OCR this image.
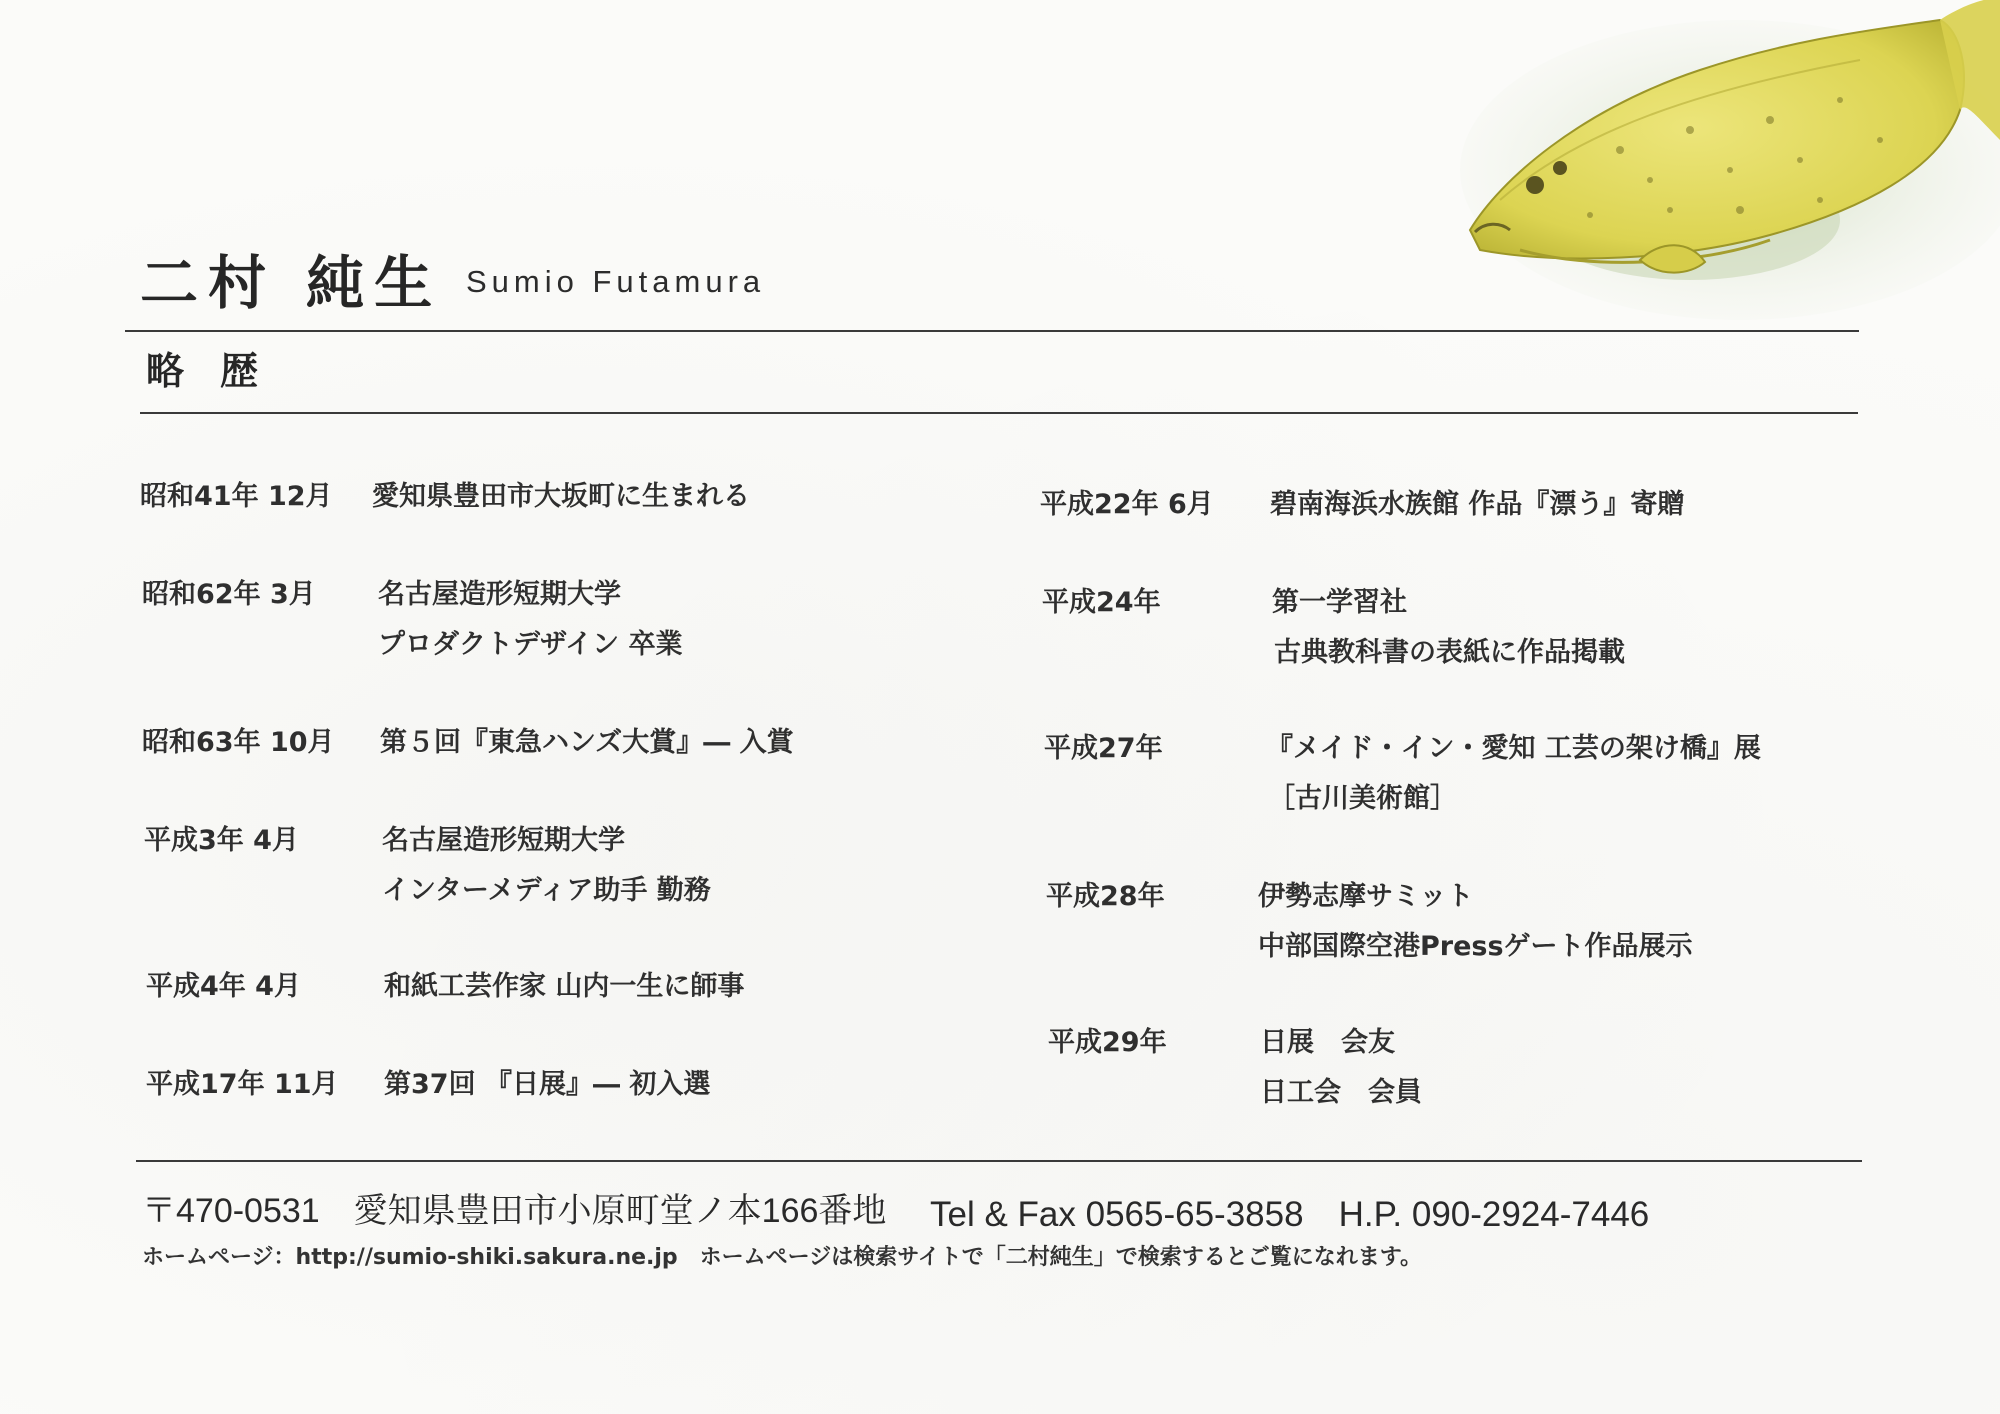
二村 純生 Sumio Futamura
略歴
昭和41年 12月 愛知県豊田市大坂町に生まれる
昭和62年 3月 名古屋造形短期大学
プロダクトデザイン 卒業
昭和63年 10月 第５回『東急ハンズ大賞』― 入賞
平成3年 4月	名古屋造形短期大学
インターメディア助手 勤務
平成4年 4月	和紙工芸作家 山内一生に師事
平成17年 11月 第37回 『日展』― 初入選
平成22年 6月 碧南海浜水族館 作品『漂う』寄贈
平成24年	第一学習社
古典教科書の表紙に作品掲載
平成27年	『メイド・イン・愛知 工芸の架け橋』展
［古川美術館］
平成28年	伊勢志摩サミット
中部国際空港Pressゲート作品展示
平成29年	日展　会友
日工会　会員
〒470-0531　愛知県豊田市小原町堂ノ本166番地 Tel & Fax 0565-65-3858　H.P. 090-2924-7446
ホームページ：http://sumio-shiki.sakura.ne.jp　ホームページは検索サイトで「二村純生」で検索するとご覧になれます。
